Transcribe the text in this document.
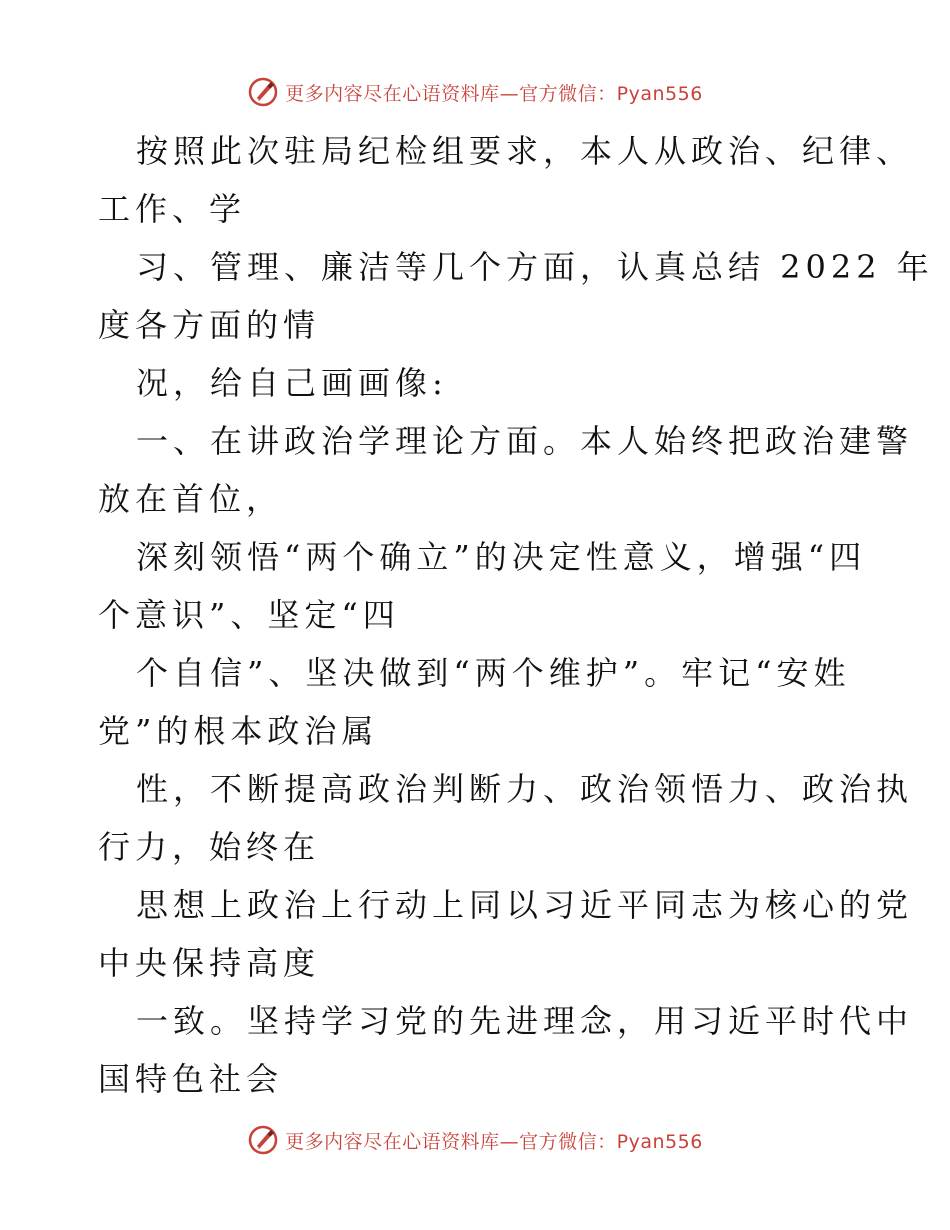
更多内容尽在心语资料库—官方微信：Pyan556
按照此次驻局纪检组要求，本人从政治、纪律、
工作、学
习、管理、廉洁等几个方面，认真总结 2022 年
度各方面的情
况，给自己画画像:
一、在讲政治学理论方面。本人始终把政治建警
放在首位，
深刻领悟“两个确立”的决定性意义，增强“四
个意识”、坚定“四
个自信”、坚决做到“两个维护”。牢记“安姓
党”的根本政治属
性，不断提高政治判断力、政治领悟力、政治执
行力，始终在
思想上政治上行动上同以习近平同志为核心的党
中央保持高度
一致。坚持学习党的先进理念，用习近平时代中
国特色社会
更多内容尽在心语资料库—官方微信：Pyan556
